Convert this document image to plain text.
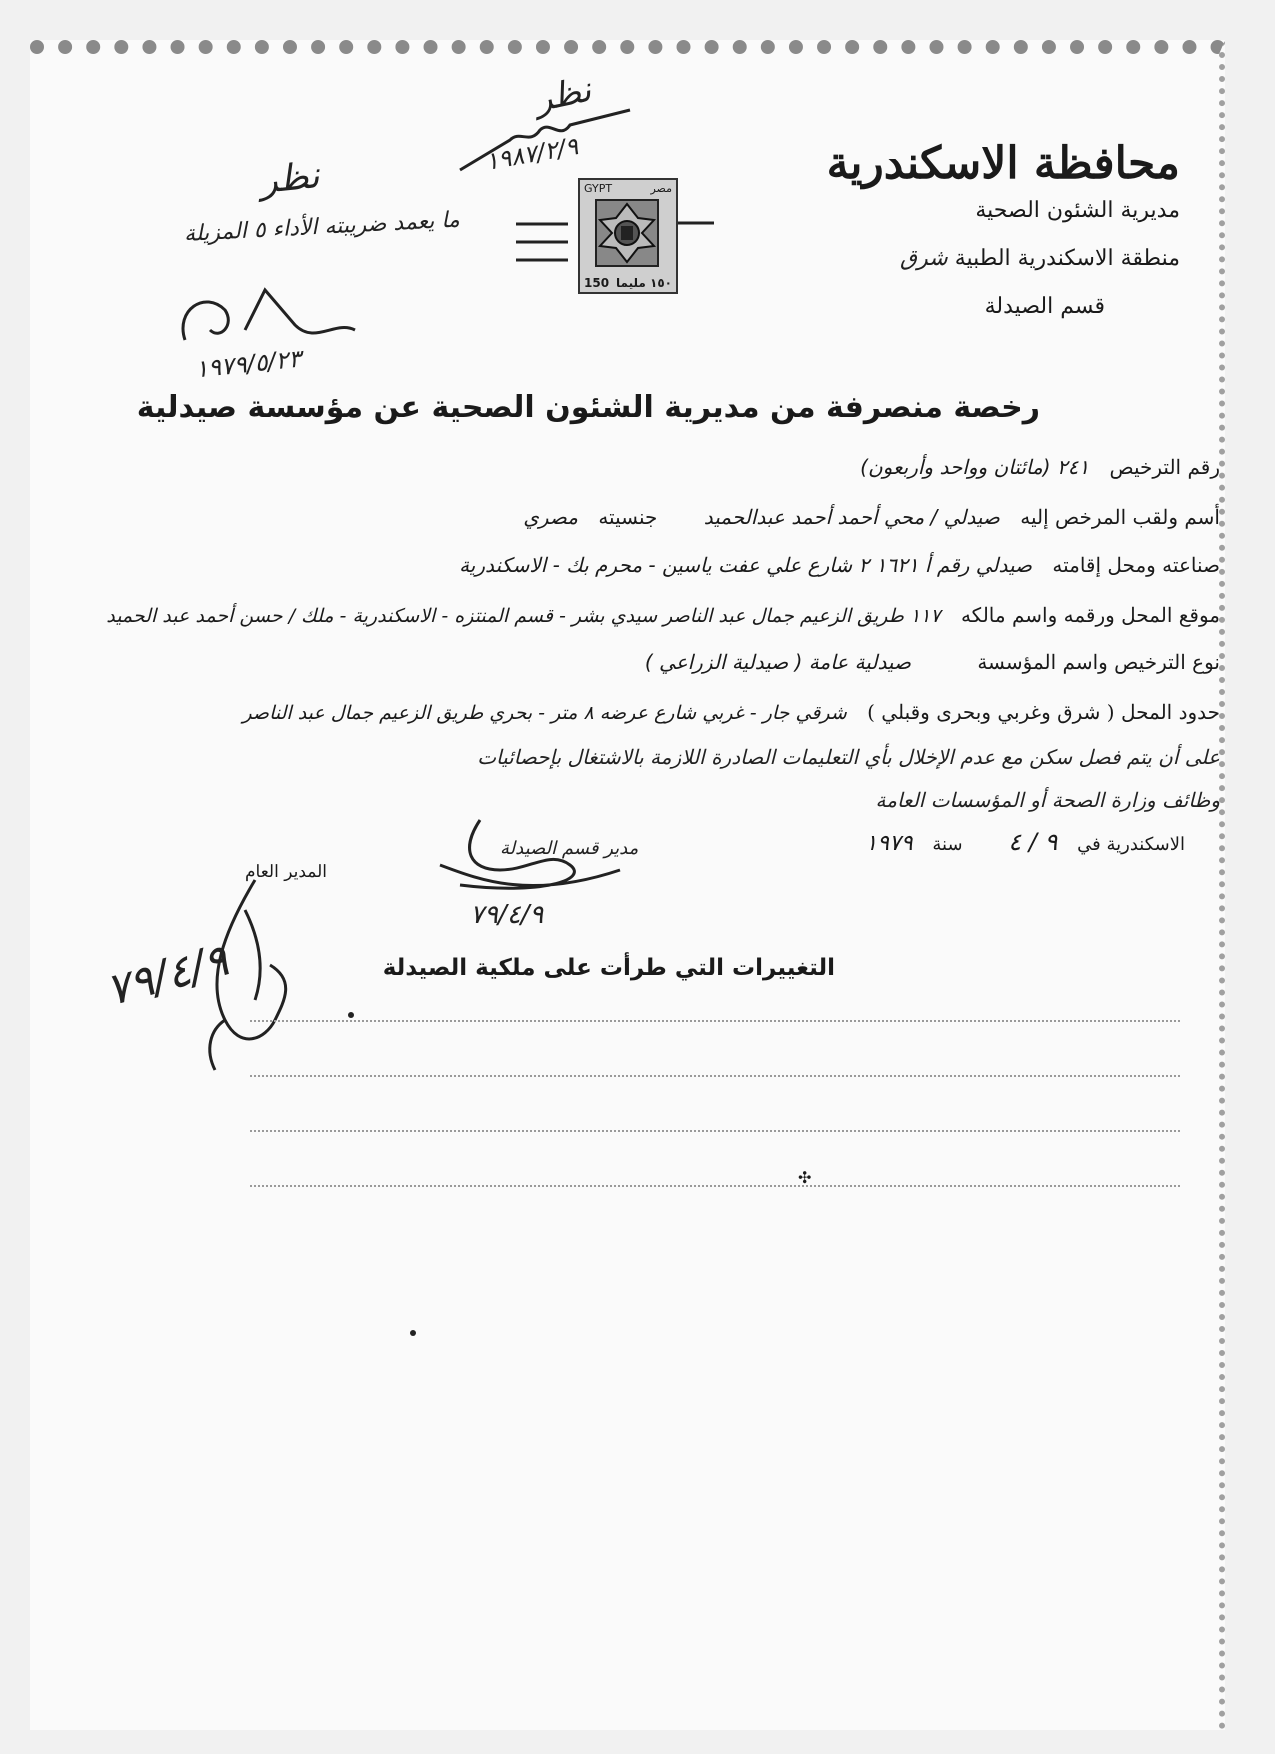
محافظة الاسكندرية
مديرية الشئون الصحية
منطقة الاسكندرية الطبية شرق
قسم الصيدلة
GYPT	مصر
150 ١٥٠ مليما
نظر
١٩٨٧/٢/٩
نظر
ما يعمد ضريبته الأداء ٥ المزيلة
١٩٧٩/٥/٢٣
رخصة منصرفة من مديرية الشئون الصحية عن مؤسسة صيدلية
رقم الترخيص ٢٤١ (مائتان وواحد وأربعون)
أسم ولقب المرخص إليه صيدلي / محي أحمد أحمد عبدالحميد جنسيته مصري
صناعته ومحل إقامته صيدلي رقم أ ١٦٢١ ٢ شارع علي عفت ياسين - محرم بك - الاسكندرية
موقع المحل ورقمه واسم مالكه ١١٧ طريق الزعيم جمال عبد الناصر سيدي بشر - قسم المنتزه - الاسكندرية - ملك / حسن أحمد عبد الحميد
نوع الترخيص واسم المؤسسة صيدلية عامة ( صيدلية الزراعي )
حدود المحل ( شرق وغربي وبحرى وقبلي ) شرقي جار - غربي شارع عرضه ٨ متر - بحري طريق الزعيم جمال عبد الناصر
على أن يتم فصل سكن مع عدم الإخلال بأي التعليمات الصادرة اللازمة بالاشتغال بإحصائيات
وظائف وزارة الصحة أو المؤسسات العامة
الاسكندرية في ٩ / ٤ سنة ١٩٧٩
مدير قسم الصيدلة
٧٩/٤/٩
المدير العام
٧٩/٤/٩	التغييرات التي طرأت على ملكية الصيدلة
✣
